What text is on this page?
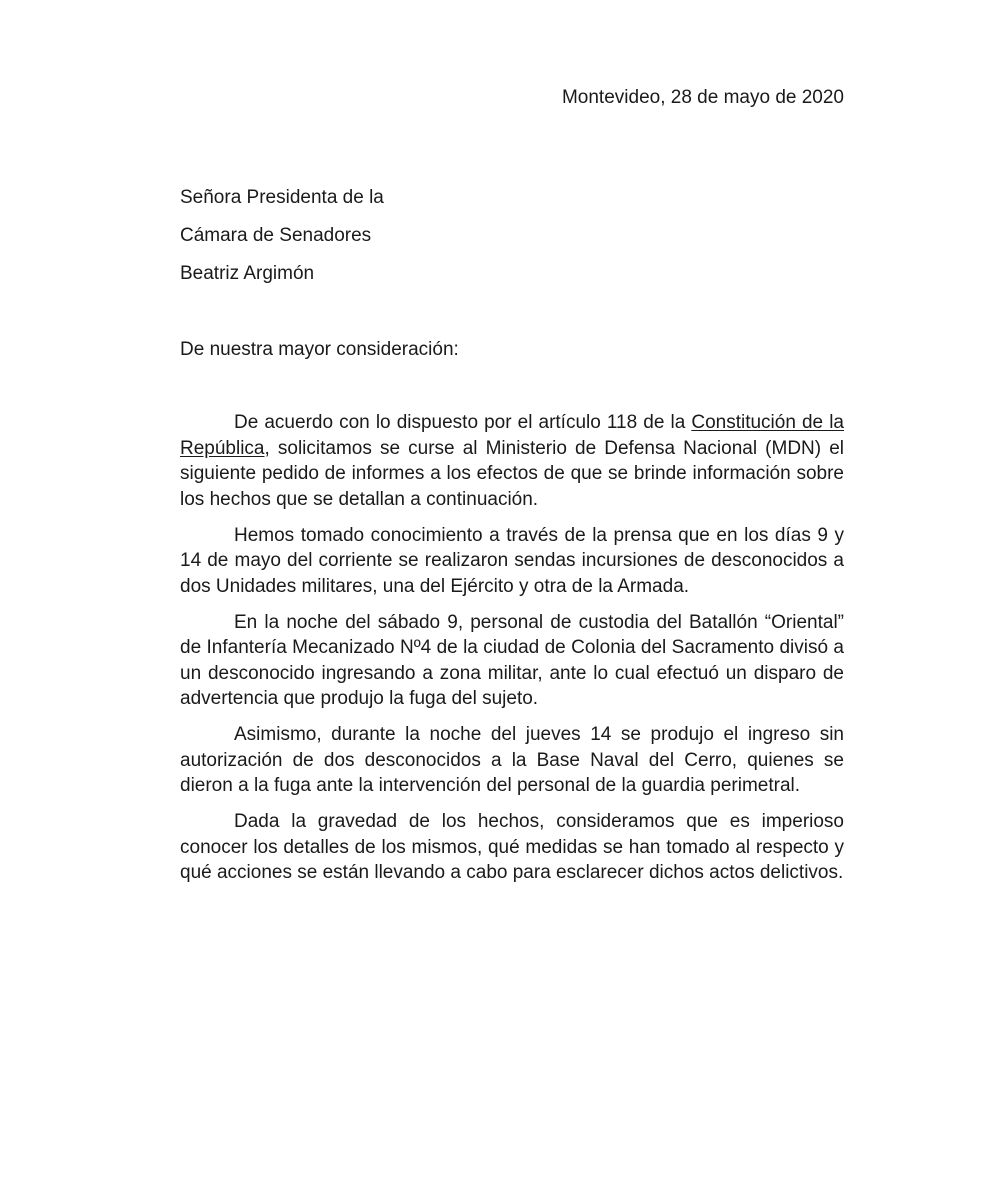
Montevideo, 28 de mayo de 2020
Señora Presidenta de la
Cámara de Senadores
Beatriz Argimón
De nuestra mayor consideración:

De acuerdo con lo dispuesto por el artículo 118 de la Constitución de la República, solicitamos se curse al Ministerio de Defensa Nacional (MDN) el siguiente pedido de informes a los efectos de que se brinde información sobre los hechos que se detallan a continuación.

Hemos tomado conocimiento a través de la prensa que en los días 9 y 14 de mayo del corriente se realizaron sendas incursiones de desconocidos a dos Unidades militares, una del Ejército y otra de la Armada.

En la noche del sábado 9, personal de custodia del Batallón “Oriental” de Infantería Mecanizado Nº4 de la ciudad de Colonia del Sacramento divisó a un desconocido ingresando a zona militar, ante lo cual efectuó un disparo de advertencia que produjo la fuga del sujeto.

Asimismo, durante la noche del jueves 14 se produjo el ingreso sin autorización de dos desconocidos a la Base Naval del Cerro, quienes se dieron a la fuga ante la intervención del personal de la guardia perimetral.

Dada la gravedad de los hechos, consideramos que es imperioso conocer los detalles de los mismos, qué medidas se han tomado al respecto y qué acciones se están llevando a cabo para esclarecer dichos actos delictivos.
